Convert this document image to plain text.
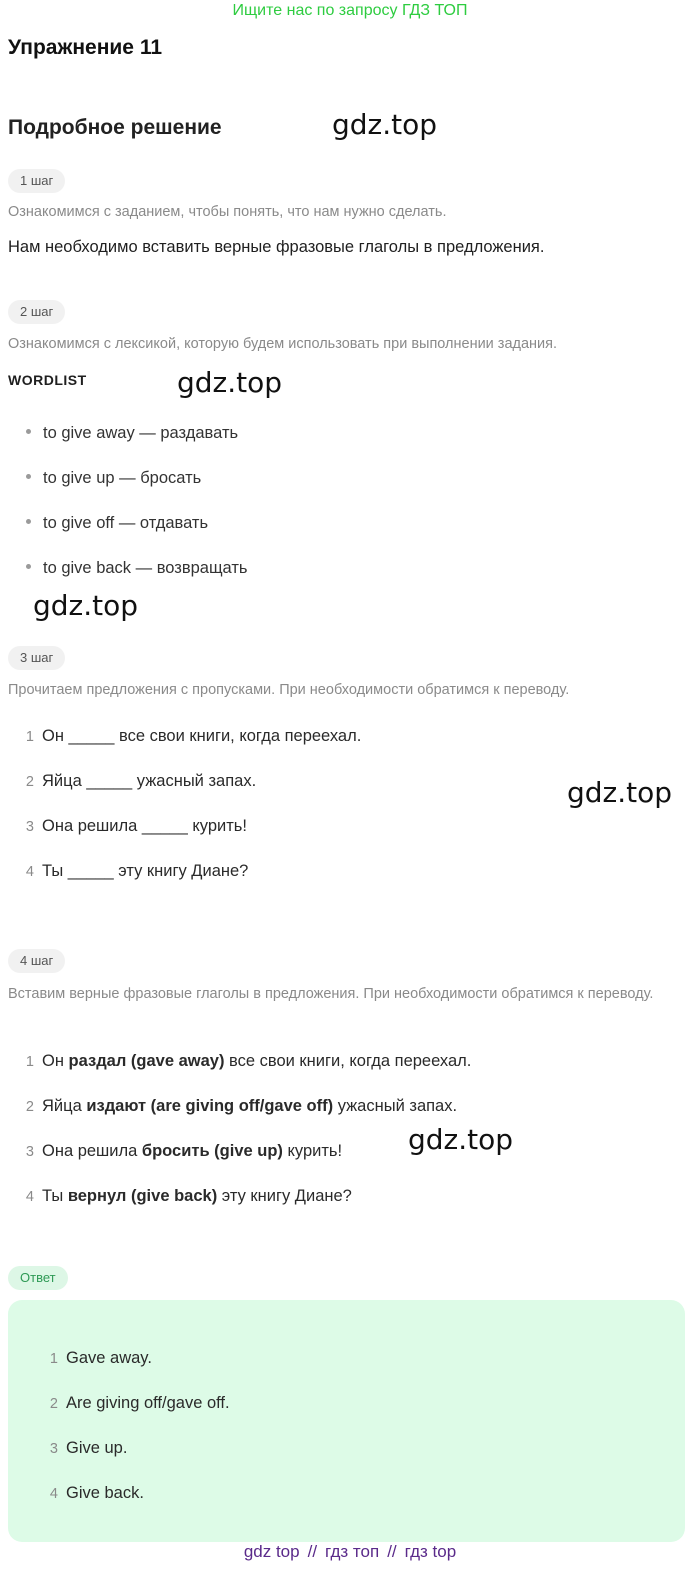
Ищите нас по запросу ГДЗ ТОП
Упражнение 11
Подробное решение	gdz.top
gdz.top
gdz.top
gdz.top
gdz.top
1 шаг
Ознакомимся с заданием, чтобы понять, что нам нужно сделать.
Нам необходимо вставить верные фразовые глаголы в предложения.
2 шаг
Ознакомимся с лексикой, которую будем использовать при выполнении задания.
WORDLIST
to give away — раздавать
to give up — бросать
to give off — отдавать
to give back — возвращать
3 шаг
Прочитаем предложения с пропусками. При необходимости обратимся к переводу.
1 Он _____ все свои книги, когда переехал.
2 Яйца _____ ужасный запах.
3 Она решила _____ курить!
4 Ты _____ эту книгу Диане?
4 шаг
Вставим верные фразовые глаголы в предложения. При необходимости обратимся к переводу.
1 Он раздал (gave away) все свои книги, когда переехал.
2 Яйца издают (are giving off/gave off) ужасный запах.
3 Она решила бросить (give up) курить!
4 Ты вернул (give back) эту книгу Диане?
Ответ
1 Gave away.
2 Are giving off/gave off.
3 Give up.
4 Give back.
gdz top // гдз топ // гдз top
